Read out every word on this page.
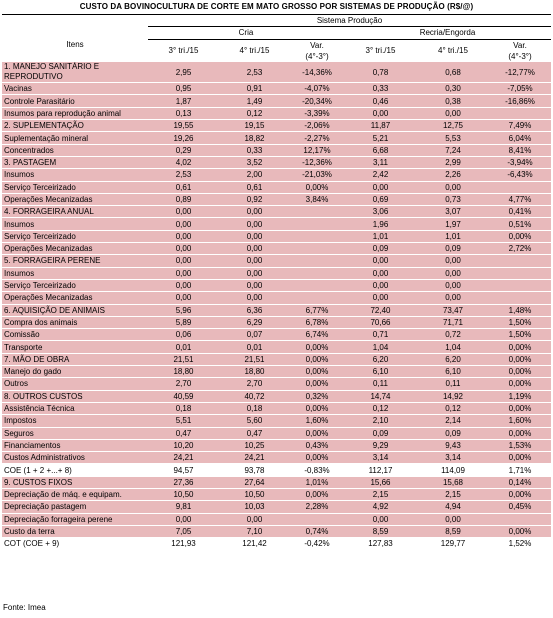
CUSTO DA BOVINOCULTURA DE CORTE EM MATO GROSSO POR SISTEMAS DE PRODUÇÃO (R$/@)
	Sistema Produção					
Itens	Cria			Recria/Engorda		
	3° tri./15	4° tri./15	Var.	3° tri./15	4° tri./15	Var.
			(4°-3°)			(4°-3°)
1. MANEJO SANITÁRIO E REPRODUTIVO	2,95	2,53	-14,36%	0,78	0,68	-12,77%
Vacinas	0,95	0,91	-4,07%	0,33	0,30	-7,05%
Controle Parasitário	1,87	1,49	-20,34%	0,46	0,38	-16,86%
Insumos para reprodução animal	0,13	0,12	-3,39%	0,00	0,00	
2. SUPLEMENTAÇÃO	19,55	19,15	-2,06%	11,87	12,75	7,49%
Suplementação mineral	19,26	18,82	-2,27%	5,21	5,53	6,04%
Concentrados	0,29	0,33	12,17%	6,68	7,24	8,41%
3. PASTAGEM	4,02	3,52	-12,36%	3,11	2,99	-3,94%
Insumos	2,53	2,00	-21,03%	2,42	2,26	-6,43%
Serviço Terceirizado	0,61	0,61	0,00%	0,00	0,00	
Operações Mecanizadas	0,89	0,92	3,84%	0,69	0,73	4,77%
4. FORRAGEIRA ANUAL	0,00	0,00		3,06	3,07	0,41%
Insumos	0,00	0,00		1,96	1,97	0,51%
Serviço Terceirizado	0,00	0,00		1,01	1,01	0,00%
Operações Mecanizadas	0,00	0,00		0,09	0,09	2,72%
5. FORRAGEIRA PERENE	0,00	0,00		0,00	0,00	
Insumos	0,00	0,00		0,00	0,00	
Serviço Terceirizado	0,00	0,00		0,00	0,00	
Operações Mecanizadas	0,00	0,00		0,00	0,00	
6. AQUISIÇÃO DE ANIMAIS	5,96	6,36	6,77%	72,40	73,47	1,48%
Compra dos animais	5,89	6,29	6,78%	70,66	71,71	1,50%
Comissão	0,06	0,07	6,74%	0,71	0,72	1,50%
Transporte	0,01	0,01	0,00%	1,04	1,04	0,00%
7. MÃO DE OBRA	21,51	21,51	0,00%	6,20	6,20	0,00%
Manejo do gado	18,80	18,80	0,00%	6,10	6,10	0,00%
Outros	2,70	2,70	0,00%	0,11	0,11	0,00%
8. OUTROS CUSTOS	40,59	40,72	0,32%	14,74	14,92	1,19%
Assistência Técnica	0,18	0,18	0,00%	0,12	0,12	0,00%
Impostos	5,51	5,60	1,60%	2,10	2,14	1,60%
Seguros	0,47	0,47	0,00%	0,09	0,09	0,00%
Financiamentos	10,20	10,25	0,43%	9,29	9,43	1,53%
Custos Administrativos	24,21	24,21	0,00%	3,14	3,14	0,00%
COE (1 + 2 +...+ 8)	94,57	93,78	-0,83%	112,17	114,09	1,71%
9. CUSTOS FIXOS	27,36	27,64	1,01%	15,66	15,68	0,14%
Depreciação de máq. e equipam.	10,50	10,50	0,00%	2,15	2,15	0,00%
Depreciação pastagem	9,81	10,03	2,28%	4,92	4,94	0,45%
Depreciação forrageira perene	0,00	0,00		0,00	0,00	
Custo da terra	7,05	7,10	0,74%	8,59	8,59	0,00%
COT (COE + 9)	121,93	121,42	-0,42%	127,83	129,77	1,52%
Fonte: Imea
